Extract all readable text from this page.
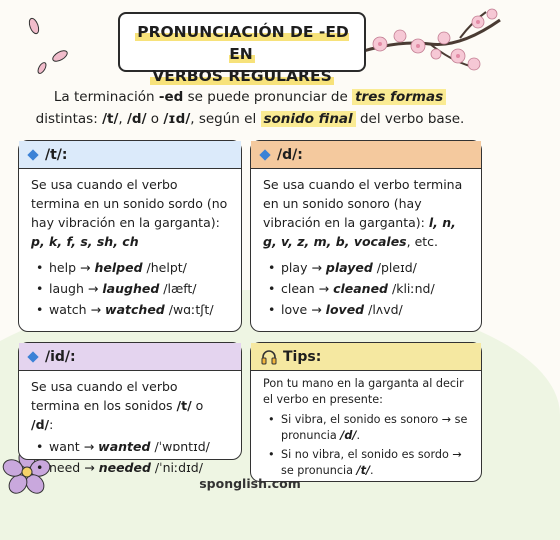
PRONUNCIACIÓN DE -ED EN
VERBOS REGULARES
La terminación -ed se puede pronunciar de tres formas
distintas: /t/, /d/ o /ɪd/, según el sonido final del verbo base.
/t/:

Se usa cuando el verbo termina en un sonido sordo (no hay vibración en la garganta): p, k, f, s, sh, ch

• help → helped /helpt/
• laugh → laughed /læft/
• watch → watched /wɑːtʃt/
/d/:

Se usa cuando el verbo termina en un sonido sonoro (hay vibración en la garganta): l, n, g, v, z, m, b, vocales, etc.

• play → played /pleɪd/
• clean → cleaned /kliːnd/
• love → loved /lʌvd/
/id/:

Se usa cuando el verbo termina en los sonidos /t/ o /d/:

• want → wanted /ˈwɒntɪd/
• need → needed /ˈniːdɪd/
Tips:

Pon tu mano en la garganta al decir el verbo en presente:

• Si vibra, el sonido es sonoro → se pronuncia /d/.
• Si no vibra, el sonido es sordo → se pronuncia /t/.
sponglish.com
